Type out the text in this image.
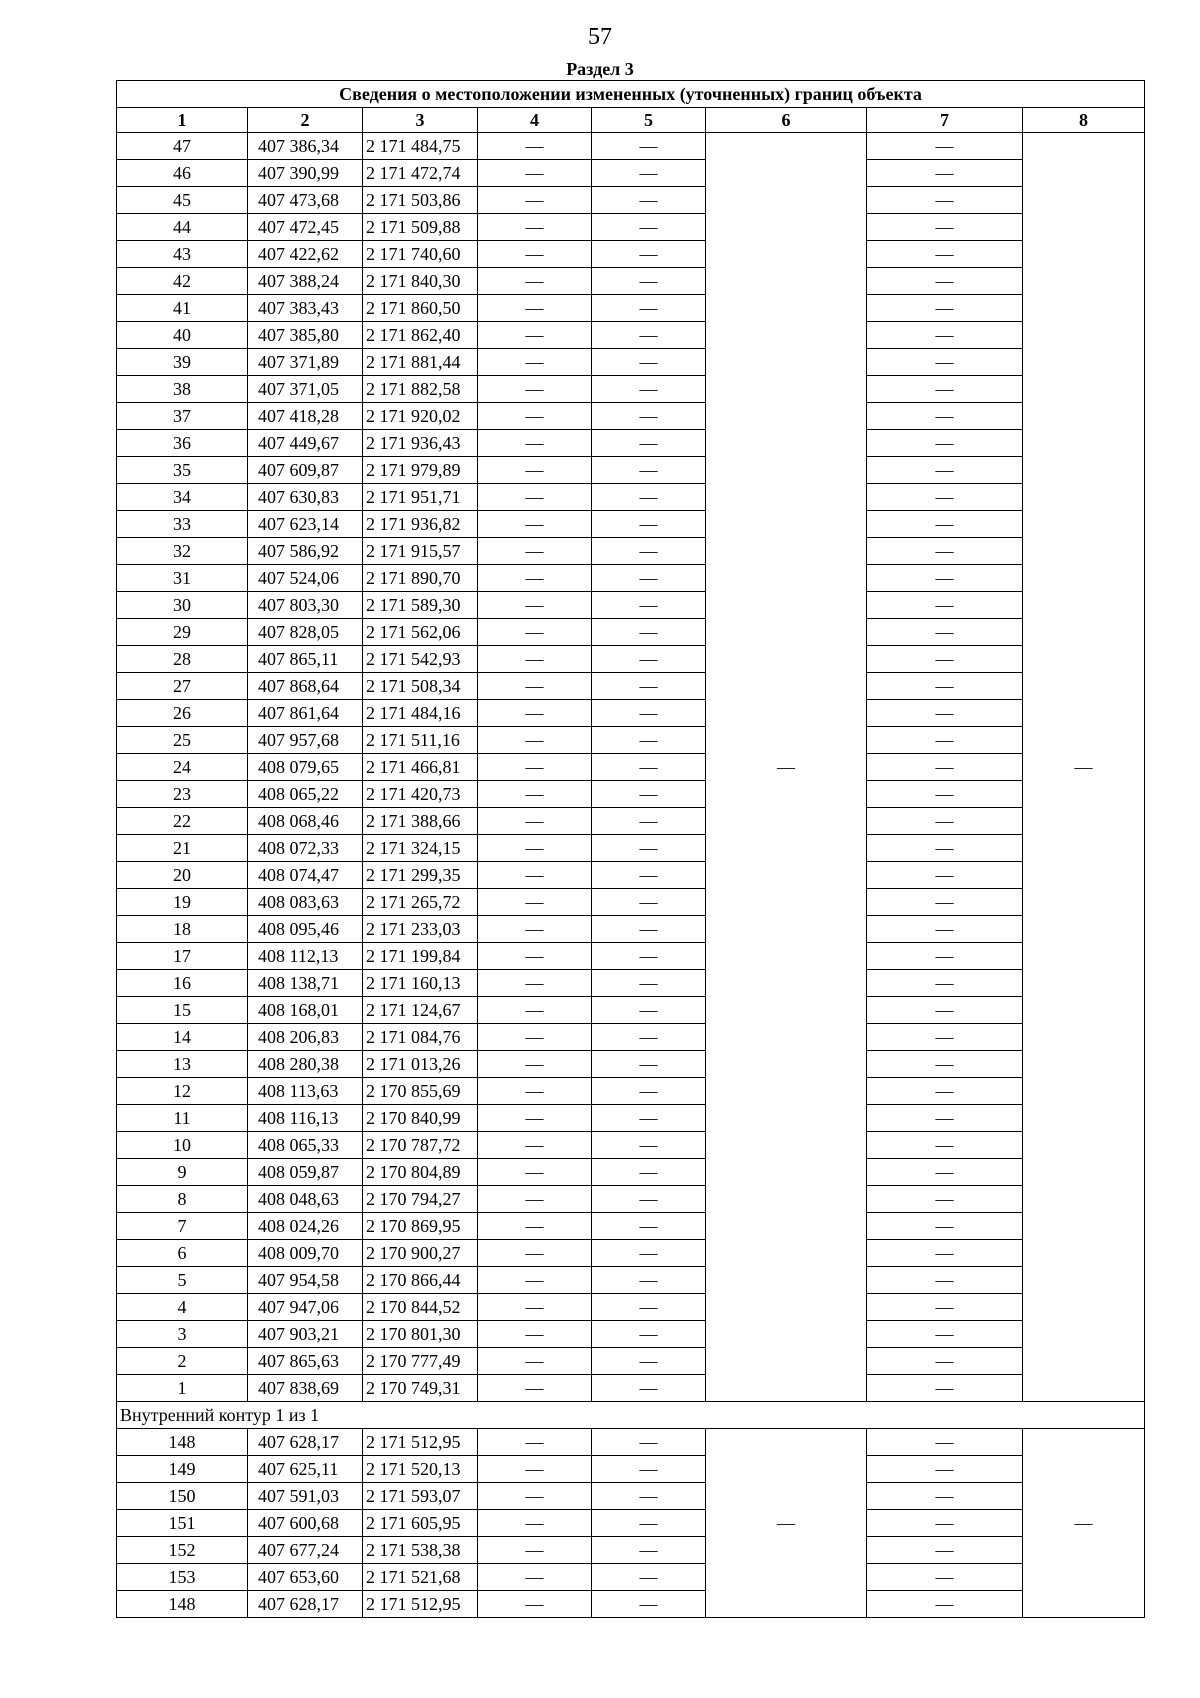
57
Раздел 3
Сведения о местоположении измененных (уточненных) границ объекта							
1	2	3	4	5	6	7	8
47	407 386,34	2 171 484,75	—	—	—	—	—
46	407 390,99	2 171 472,74	—	—		—	
45	407 473,68	2 171 503,86	—	—		—	
44	407 472,45	2 171 509,88	—	—		—	
43	407 422,62	2 171 740,60	—	—		—	
42	407 388,24	2 171 840,30	—	—		—	
41	407 383,43	2 171 860,50	—	—		—	
40	407 385,80	2 171 862,40	—	—		—	
39	407 371,89	2 171 881,44	—	—		—	
38	407 371,05	2 171 882,58	—	—		—	
37	407 418,28	2 171 920,02	—	—		—	
36	407 449,67	2 171 936,43	—	—		—	
35	407 609,87	2 171 979,89	—	—		—	
34	407 630,83	2 171 951,71	—	—		—	
33	407 623,14	2 171 936,82	—	—		—	
32	407 586,92	2 171 915,57	—	—		—	
31	407 524,06	2 171 890,70	—	—		—	
30	407 803,30	2 171 589,30	—	—		—	
29	407 828,05	2 171 562,06	—	—		—	
28	407 865,11	2 171 542,93	—	—		—	
27	407 868,64	2 171 508,34	—	—		—	
26	407 861,64	2 171 484,16	—	—		—	
25	407 957,68	2 171 511,16	—	—		—	
24	408 079,65	2 171 466,81	—	—		—	
23	408 065,22	2 171 420,73	—	—		—	
22	408 068,46	2 171 388,66	—	—		—	
21	408 072,33	2 171 324,15	—	—		—	
20	408 074,47	2 171 299,35	—	—		—	
19	408 083,63	2 171 265,72	—	—		—	
18	408 095,46	2 171 233,03	—	—		—	
17	408 112,13	2 171 199,84	—	—		—	
16	408 138,71	2 171 160,13	—	—		—	
15	408 168,01	2 171 124,67	—	—		—	
14	408 206,83	2 171 084,76	—	—		—	
13	408 280,38	2 171 013,26	—	—		—	
12	408 113,63	2 170 855,69	—	—		—	
11	408 116,13	2 170 840,99	—	—		—	
10	408 065,33	2 170 787,72	—	—		—	
9	408 059,87	2 170 804,89	—	—		—	
8	408 048,63	2 170 794,27	—	—		—	
7	408 024,26	2 170 869,95	—	—		—	
6	408 009,70	2 170 900,27	—	—		—	
5	407 954,58	2 170 866,44	—	—		—	
4	407 947,06	2 170 844,52	—	—		—	
3	407 903,21	2 170 801,30	—	—		—	
2	407 865,63	2 170 777,49	—	—		—	
1	407 838,69	2 170 749,31	—	—		—	
Внутренний контур 1 из 1							
148	407 628,17	2 171 512,95	—	—	—	—	—
149	407 625,11	2 171 520,13	—	—		—	
150	407 591,03	2 171 593,07	—	—		—	
151	407 600,68	2 171 605,95	—	—		—	
152	407 677,24	2 171 538,38	—	—		—	
153	407 653,60	2 171 521,68	—	—		—	
148	407 628,17	2 171 512,95	—	—		—	
